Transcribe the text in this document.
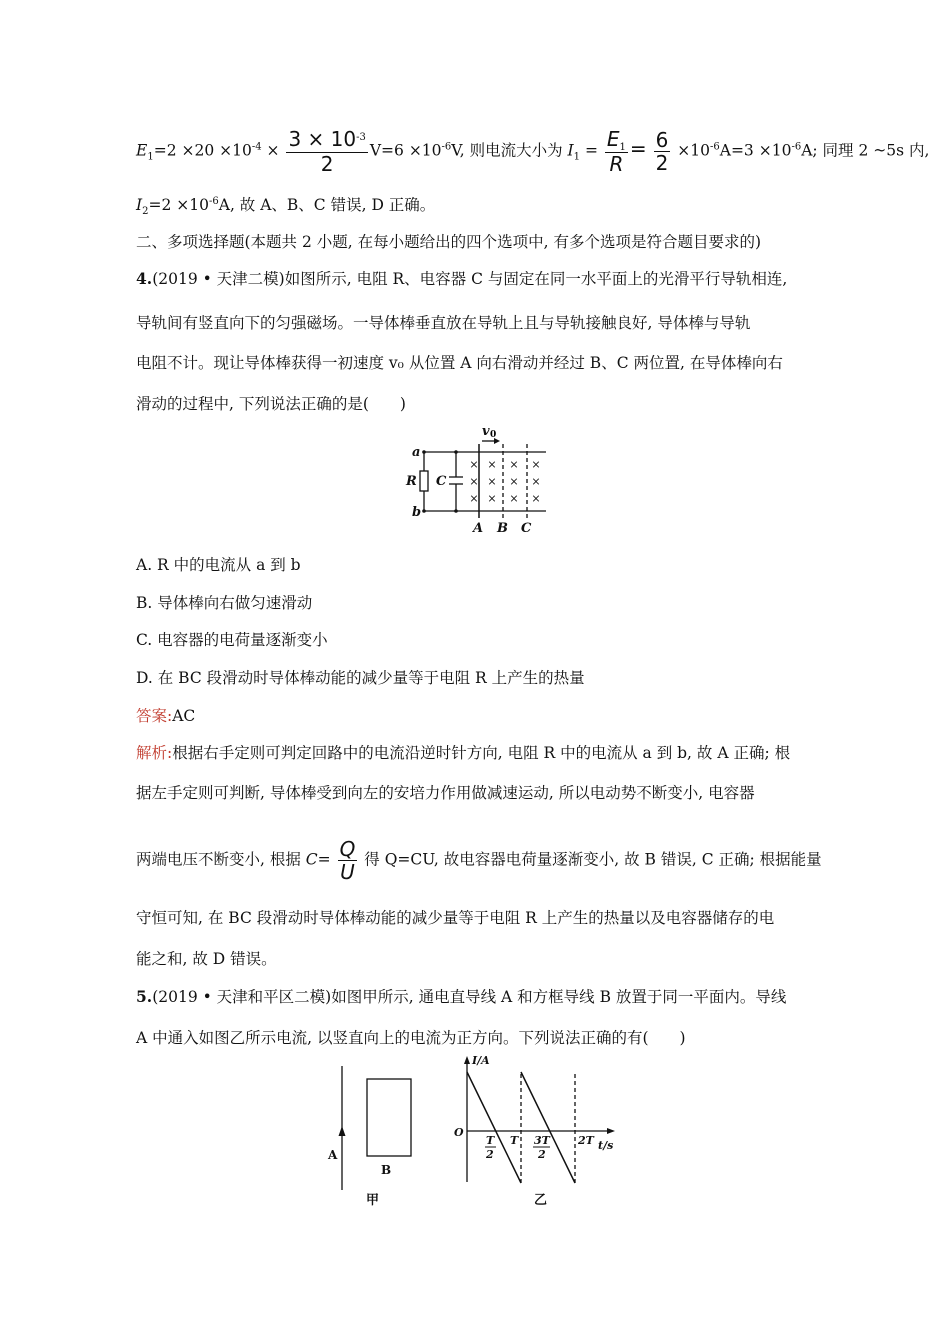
$E_1=2 \times 20 \times 10^{-4} \times \frac{3 \times 10^{-3}}{2} V=6 \times 10^{-6}V$, 则电流大小为 $I_1 = \frac{E_1}{R} = \frac{6}{2} \times 10^{-6}A=3 \times 10^{-6}A$; 同理 2 ~5s 内,
$I_2=2 \times 10^{-6}A$, 故 A、B、C 错误, D 正确。
二、多项选择题(本题共 2 小题, 在每小题给出的四个选项中, 有多个选项是符合题目要求的)
4.(2019 • 天津二模)如图所示, 电阻 R、电容器 C 与固定在同一水平面上的光滑平行导轨相连,
导轨间有竖直向下的匀强磁场。一导体棒垂直放在导轨上且与导轨接触良好, 导体棒与导轨
电阻不计。现让导体棒获得一初速度 v₀ 从位置 A 向右滑动并经过 B、C 两位置, 在导体棒向右
滑动的过程中, 下列说法正确的是(　　)
× × × ×
× × × ×
× × × ×
a
b
R C
v
A B C
0
A. R 中的电流从 a 到 b
B. 导体棒向右做匀速滑动
C. 电容器的电荷量逐渐变小
D. 在 BC 段滑动时导体棒动能的减少量等于电阻 R 上产生的热量
答案:AC
解析:根据右手定则可判定回路中的电流沿逆时针方向, 电阻 R 中的电流从 a 到 b, 故 A 正确; 根
据左手定则可判断, 导体棒受到向左的安培力作用做减速运动, 所以电动势不断变小, 电容器
两端电压不断变小, 根据 $C= \frac{Q}{U}$ 得 Q=CU, 故电容器电荷量逐渐变小, 故 B 错误, C 正确; 根据能量
守恒可知, 在 BC 段滑动时导体棒动能的减少量等于电阻 R 上产生的热量以及电容器储存的电
能之和, 故 D 错误。
5.(2019 • 天津和平区二模)如图甲所示, 通电直导线 A 和方框导线 B 放置于同一平面内。导线
A 中通入如图乙所示电流, 以竖直向上的电流为正方向。下列说法正确的有(　　)
A
B
甲
I/A
t/s
O
T
2
T 3T
2
2T
乙
